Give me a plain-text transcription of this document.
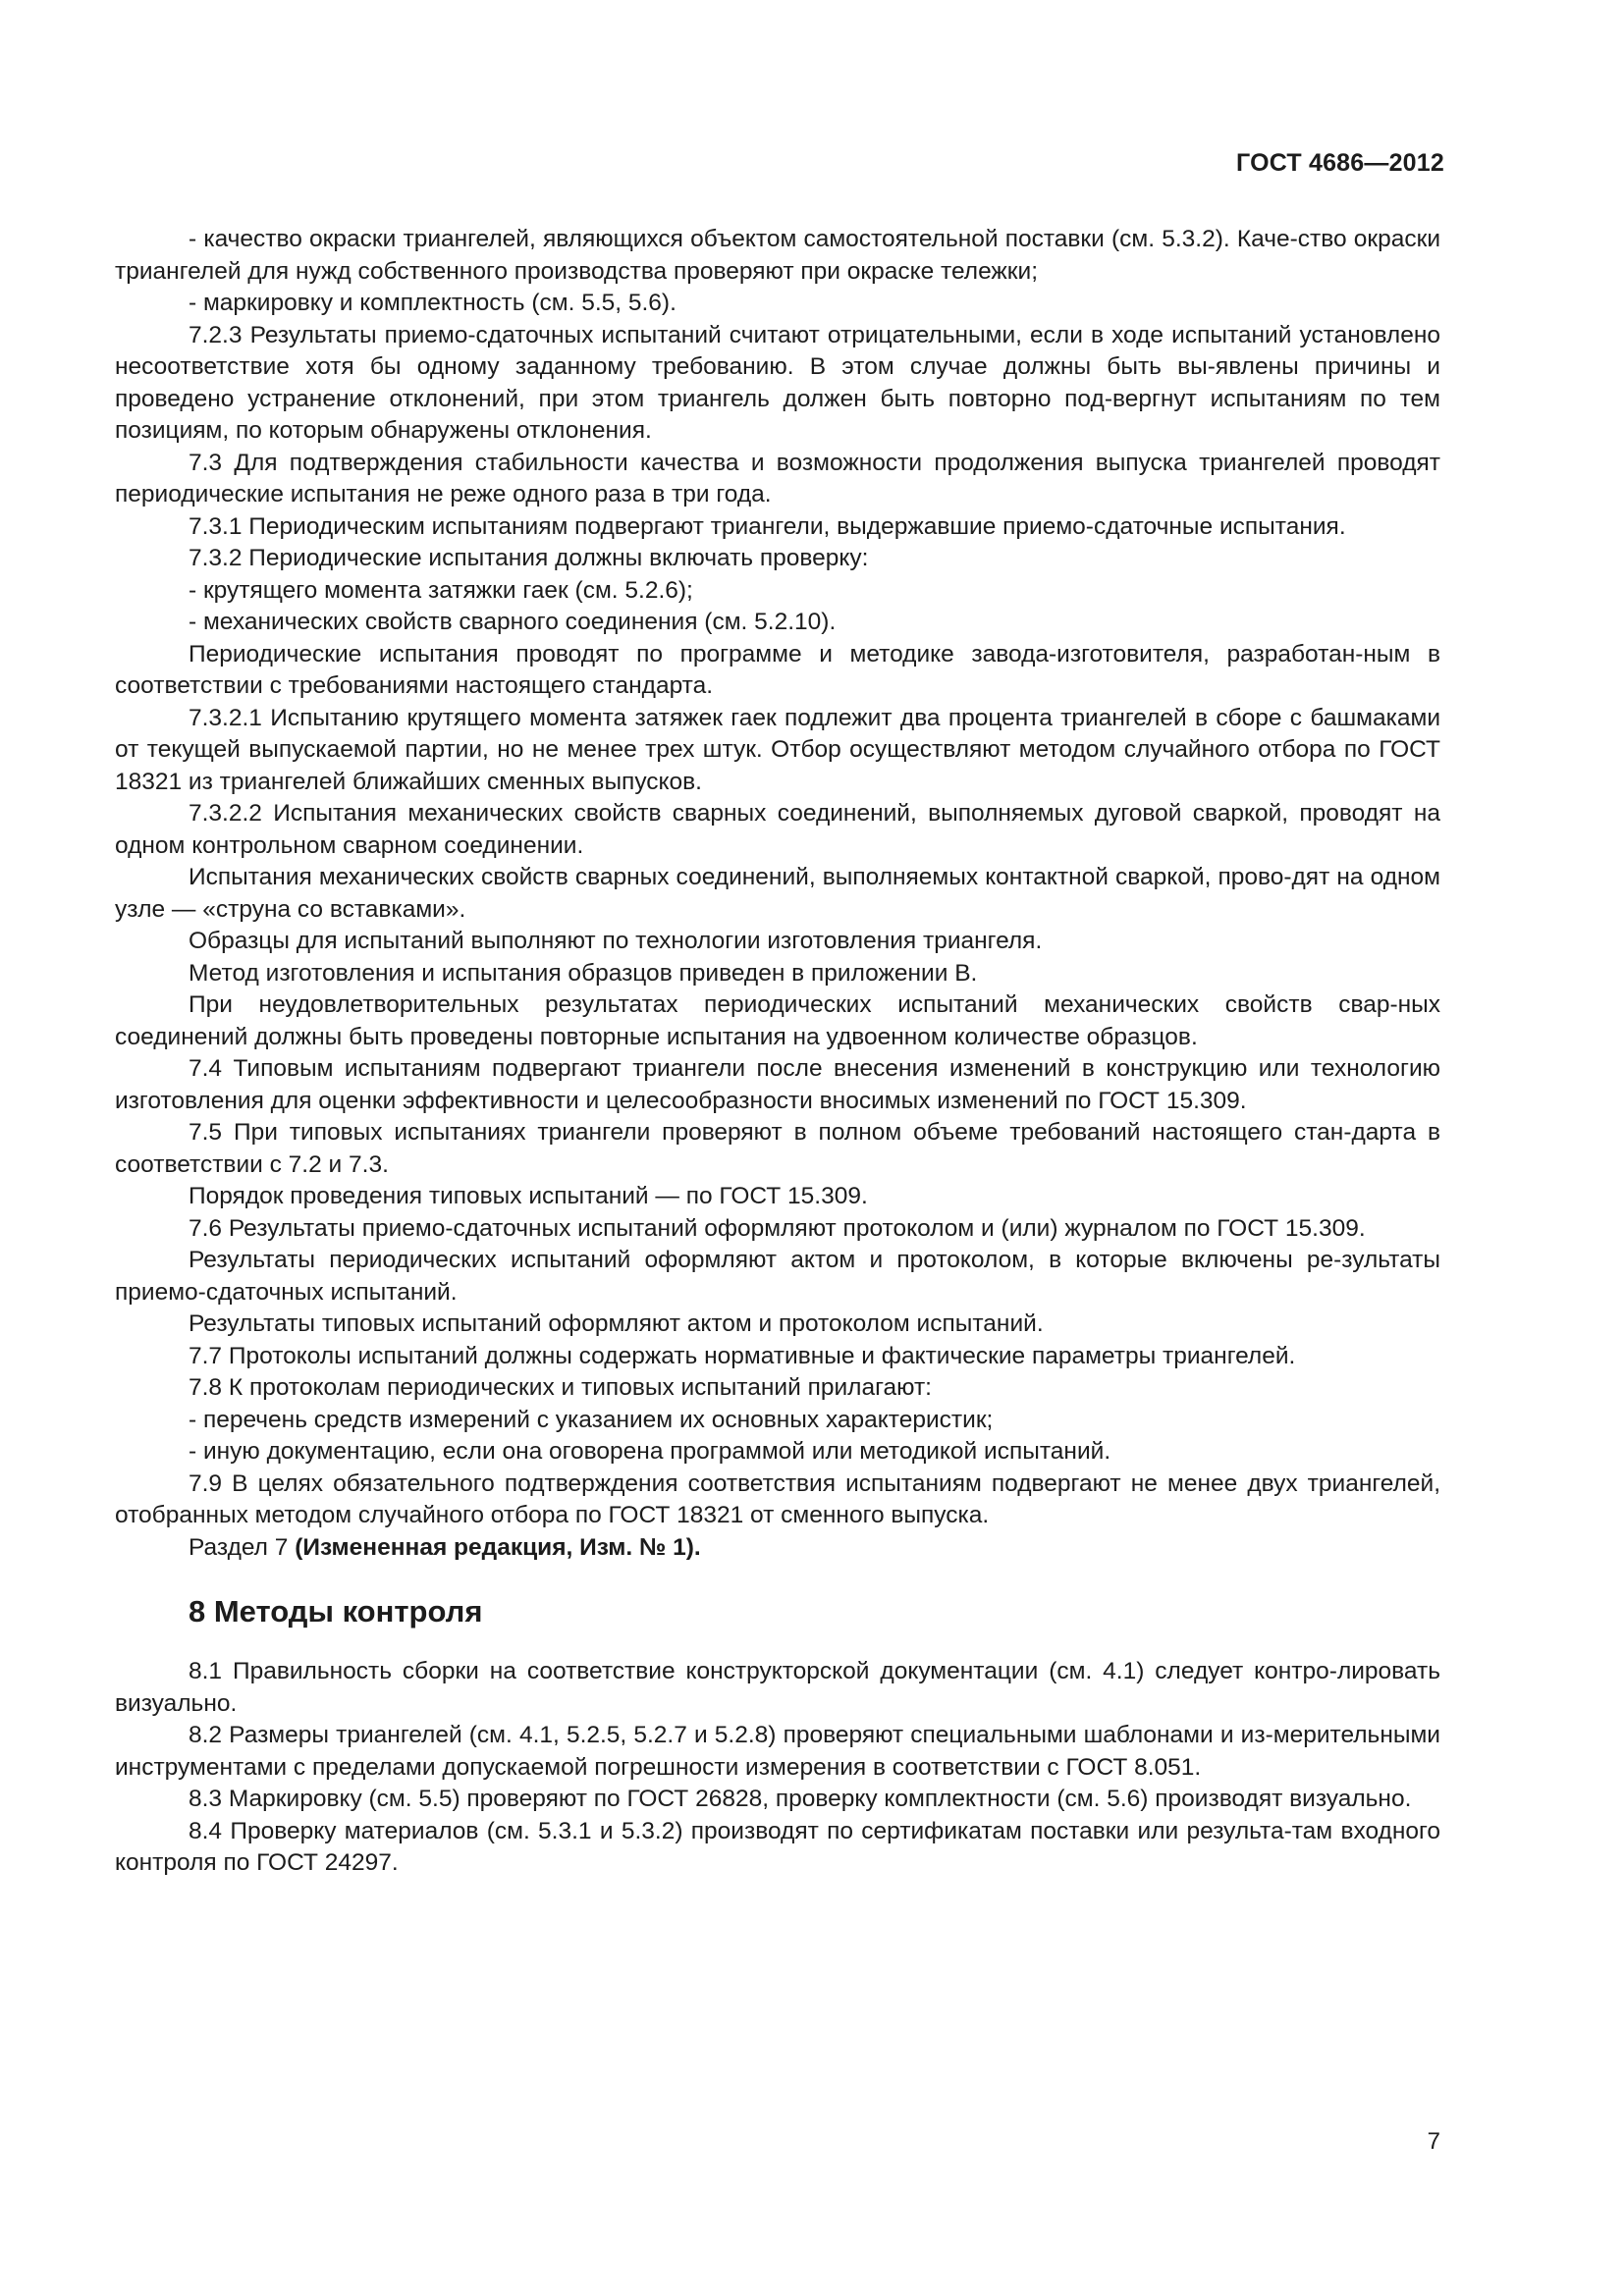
ГОСТ 4686—2012

- качество окраски триангелей, являющихся объектом самостоятельной поставки (см. 5.3.2). Каче-ство окраски триангелей для нужд собственного производства проверяют при окраске тележки;

- маркировку и комплектность (см. 5.5, 5.6).

7.2.3 Результаты приемо-сдаточных испытаний считают отрицательными, если в ходе испытаний установлено несоответствие хотя бы одному заданному требованию. В этом случае должны быть вы-явлены причины и проведено устранение отклонений, при этом триангель должен быть повторно под-вергнут испытаниям по тем позициям, по которым обнаружены отклонения.

7.3 Для подтверждения стабильности качества и возможности продолжения выпуска триангелей проводят периодические испытания не реже одного раза в три года.

7.3.1 Периодическим испытаниям подвергают триангели, выдержавшие приемо-сдаточные испытания.

7.3.2 Периодические испытания должны включать проверку:

- крутящего момента затяжки гаек (см. 5.2.6);

- механических свойств сварного соединения (см. 5.2.10).

Периодические испытания проводят по программе и методике завода-изготовителя, разработан-ным в соответствии с требованиями настоящего стандарта.

7.3.2.1 Испытанию крутящего момента затяжек гаек подлежит два процента триангелей в сборе с башмаками от текущей выпускаемой партии, но не менее трех штук. Отбор осуществляют методом случайного отбора по ГОСТ 18321 из триангелей ближайших сменных выпусков.

7.3.2.2 Испытания механических свойств сварных соединений, выполняемых дуговой сваркой, проводят на одном контрольном сварном соединении.

Испытания механических свойств сварных соединений, выполняемых контактной сваркой, прово-дят на одном узле — «струна со вставками».

Образцы для испытаний выполняют по технологии изготовления триангеля.

Метод изготовления и испытания образцов приведен в приложении В.

При неудовлетворительных результатах периодических испытаний механических свойств свар-ных соединений должны быть проведены повторные испытания на удвоенном количестве образцов.

7.4 Типовым испытаниям подвергают триангели после внесения изменений в конструкцию или технологию изготовления для оценки эффективности и целесообразности вносимых изменений по ГОСТ 15.309.

7.5 При типовых испытаниях триангели проверяют в полном объеме требований настоящего стан-дарта в соответствии с 7.2 и 7.3.

Порядок проведения типовых испытаний — по ГОСТ 15.309.

7.6 Результаты приемо-сдаточных испытаний оформляют протоколом и (или) журналом по ГОСТ 15.309.

Результаты периодических испытаний оформляют актом и протоколом, в которые включены ре-зультаты приемо-сдаточных испытаний.

Результаты типовых испытаний оформляют актом и протоколом испытаний.

7.7 Протоколы испытаний должны содержать нормативные и фактические параметры триангелей.

7.8 К протоколам периодических и типовых испытаний прилагают:

- перечень средств измерений с указанием их основных характеристик;

- иную документацию, если она оговорена программой или методикой испытаний.

7.9 В целях обязательного подтверждения соответствия испытаниям подвергают не менее двух триангелей, отобранных методом случайного отбора по ГОСТ 18321 от сменного выпуска.

Раздел 7 (Измененная редакция, Изм. № 1).

8 Методы контроля

8.1 Правильность сборки на соответствие конструкторской документации (см. 4.1) следует контро-лировать визуально.

8.2 Размеры триангелей (см. 4.1, 5.2.5, 5.2.7 и 5.2.8) проверяют специальными шаблонами и из-мерительными инструментами с пределами допускаемой погрешности измерения в соответствии с ГОСТ 8.051.

8.3 Маркировку (см. 5.5) проверяют по ГОСТ 26828, проверку комплектности (см. 5.6) производят визуально.

8.4 Проверку материалов (см. 5.3.1 и 5.3.2) производят по сертификатам поставки или результа-там входного контроля по ГОСТ 24297.

7
